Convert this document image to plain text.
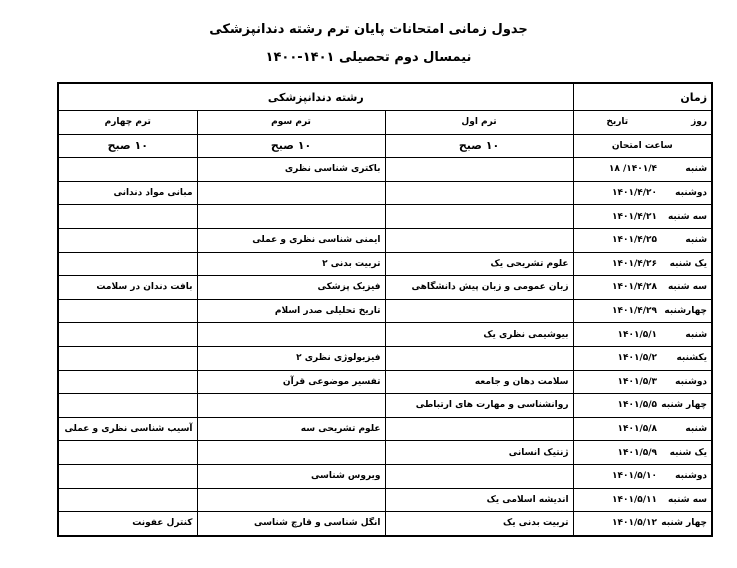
جدول زمانی امتحانات پایان ترم رشته دندانپزشکی
نیمسال دوم تحصیلی ۱۴۰۱-۱۴۰۰
زمان		رشته دندانپزشکی		
روز	تاریخ	ترم اول	ترم سوم	ترم چهارم
ساعت امتحان		۱۰ صبح	۱۰ صبح	۱۰ صبح
شنبه	۱۴۰۱/۴/ ۱۸		باکتری شناسی نظری	
دوشنبه	۱۴۰۱/۴/۲۰			مبانی مواد دندانی
سه شنبه	۱۴۰۱/۴/۲۱			
شنبه	۱۴۰۱/۴/۲۵		ایمنی شناسی نظری و عملی	
یک شنبه	۱۴۰۱/۴/۲۶	علوم تشریحی یک	تربیت بدنی ۲	
سه شنبه	۱۴۰۱/۴/۲۸	زبان عمومی و زبان پیش دانشگاهی	فیزیک پزشکی	بافت دندان در سلامت
چهارشنبه	۱۴۰۱/۴/۲۹		تاریخ تحلیلی صدر اسلام	
شنبه	۱۴۰۱/۵/۱	بیوشیمی نظری یک		
یکشنبه	۱۴۰۱/۵/۲		فیزیولوژی نظری ۲	
دوشنبه	۱۴۰۱/۵/۳	سلامت دهان و جامعه	تفسیر موضوعی قرآن	
چهار شنبه	۱۴۰۱/۵/۵	روانشناسی و مهارت های ارتباطی		
شنبه	۱۴۰۱/۵/۸		علوم تشریحی سه	آسیب شناسی نظری و عملی
یک شنبه	۱۴۰۱/۵/۹	ژنتیک انسانی		
دوشنبه	۱۴۰۱/۵/۱۰		ویروس شناسی	
سه شنبه	۱۴۰۱/۵/۱۱	اندیشه اسلامی یک		
چهار شنبه	۱۴۰۱/۵/۱۲	تربیت بدنی یک	انگل شناسی و قارچ شناسی	کنترل عفونت
